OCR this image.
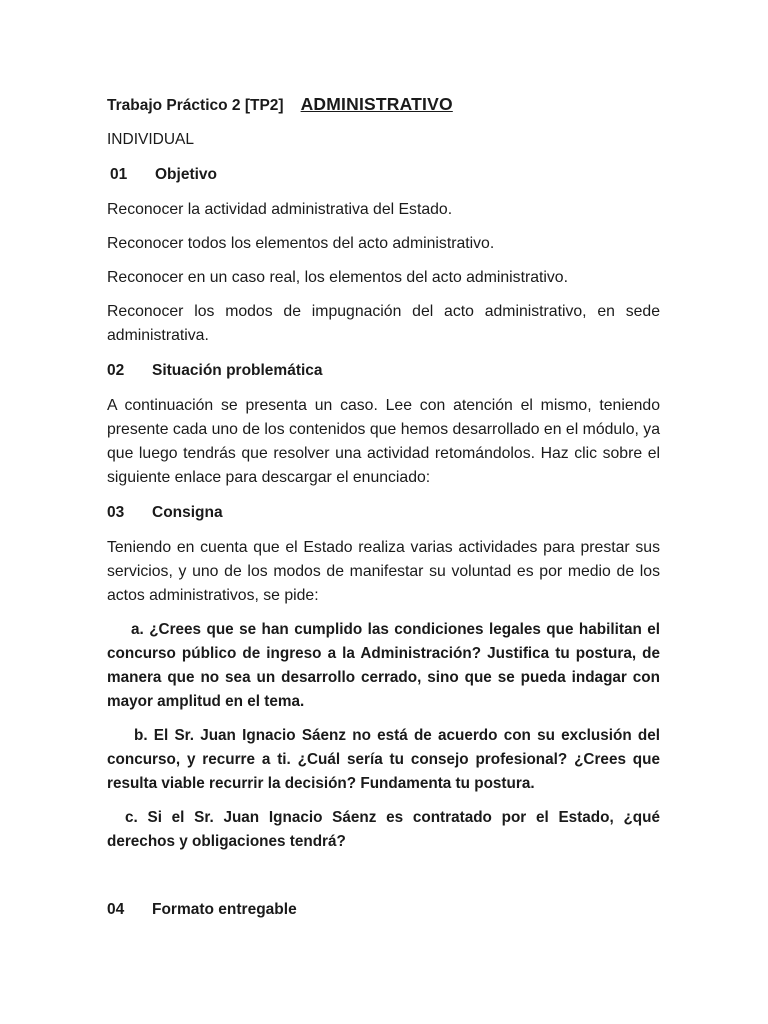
Trabajo Práctico 2 [TP2] ADMINISTRATIVO
INDIVIDUAL
01	Objetivo
Reconocer la actividad administrativa del Estado.
Reconocer todos los elementos del acto administrativo.
Reconocer en un caso real, los elementos del acto administrativo.
Reconocer los modos de impugnación del acto administrativo, en sede administrativa.
02	Situación problemática
A continuación se presenta un caso. Lee con atención el mismo, teniendo presente cada uno de los contenidos que hemos desarrollado en el módulo, ya que luego tendrás que resolver una actividad retomándolos. Haz clic sobre el siguiente enlace para descargar el enunciado:
03	Consigna
Teniendo en cuenta que el Estado realiza varias actividades para prestar sus servicios, y uno de los modos de manifestar su voluntad es por medio de los actos administrativos, se pide:
a. ¿Crees que se han cumplido las condiciones legales que habilitan el concurso público de ingreso a la Administración? Justifica tu postura, de manera que no sea un desarrollo cerrado, sino que se pueda indagar con mayor amplitud en el tema.
b. El Sr. Juan Ignacio Sáenz no está de acuerdo con su exclusión del concurso, y recurre a ti. ¿Cuál sería tu consejo profesional? ¿Crees que resulta viable recurrir la decisión? Fundamenta tu postura.
c. Si el Sr. Juan Ignacio Sáenz es contratado por el Estado, ¿qué derechos y obligaciones tendrá?
04	Formato entregable
